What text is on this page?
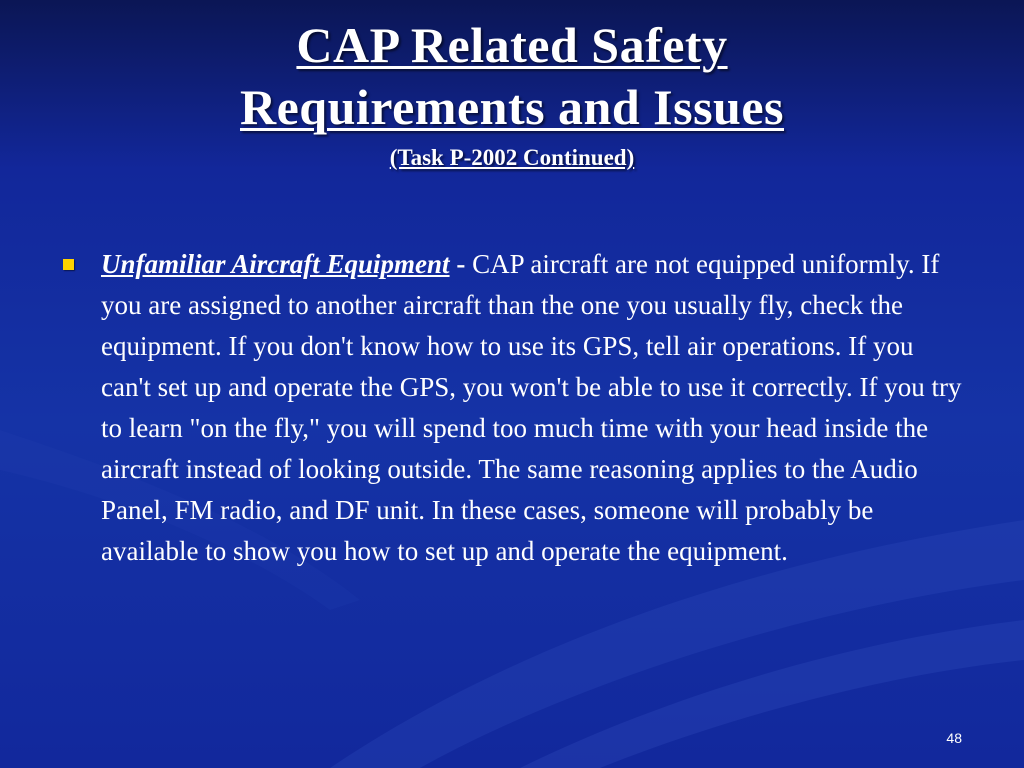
CAP Related Safety
Requirements and Issues
(Task P-2002 Continued)
Unfamiliar Aircraft Equipment - CAP aircraft are not equipped uniformly. If you are assigned to another aircraft than the one you usually fly, check the equipment. If you don't know how to use its GPS, tell air operations. If you can't set up and operate the GPS, you won't be able to use it correctly. If you try to learn "on the fly," you will spend too much time with your head inside the aircraft instead of looking outside. The same reasoning applies to the Audio Panel, FM radio, and DF unit. In these cases, someone will probably be available to show you how to set up and operate the equipment.
48
